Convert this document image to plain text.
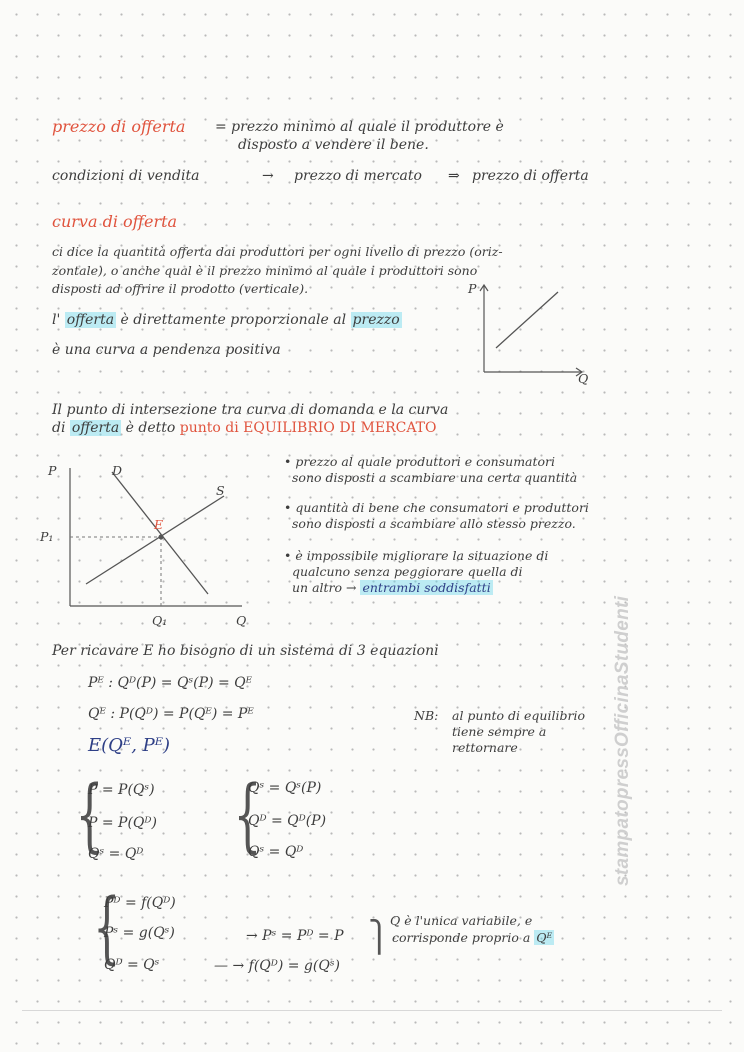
prezzo di offerta = prezzo minimo al quale il produttore è
disposto a vendere il bene.
condizioni di vendita	→ prezzo di mercato ⇒ prezzo di offerta
curva di offerta
ci dice la quantità offerta dai produttori per ogni livello di prezzo (oriz-
zontale), o anche qual è il prezzo minimo al quale i produttori sono
disposti ad offrire il prodotto (verticale).
l' offerta è direttamente proporzionale al prezzo
è una curva a pendenza positiva
P
Q
Il punto di intersezione tra curva di domanda e la curva
di offerta è detto punto di EQUILIBRIO DI MERCATO
P	D
S
E
P₁
Q₁	Q
• prezzo al quale produttori e consumatori
sono disposti a scambiare una certa quantità
• quantità di bene che consumatori e produttori
sono disposti a scambiare allo stesso prezzo.
• è impossibile migliorare la situazione di
qualcuno senza peggiorare quella di
un altro → entrambi soddisfatti
Per ricavare E ho bisogno di un sistema di 3 equazioni
Pᴱ : Qᴰ(P) = Qˢ(P) = Qᴱ
Qᴱ : P(Qᴰ) = P(Qᴱ) = Pᴱ
E(Qᴱ, Pᴱ)
NB: al punto di equilibrio
tiene sempre a
rettornare
{
P = P(Qˢ)
P = P(Qᴰ)
Qˢ = Qᴰ {
Qˢ = Qˢ(P)
Qᴰ = Qᴰ(P)
Qˢ = Qᴰ
{
Pᴰ = f(Qᴰ)
Pˢ = g(Qˢ)
Qᴰ = Qˢ
→ Pˢ = Pᴰ = P
— → f(Qᴰ) = g(Qˢ)
⎫ Q è l'unica variabile, e
corrisponde proprio a Qᴱ
stampatopressOfficinaStudenti
